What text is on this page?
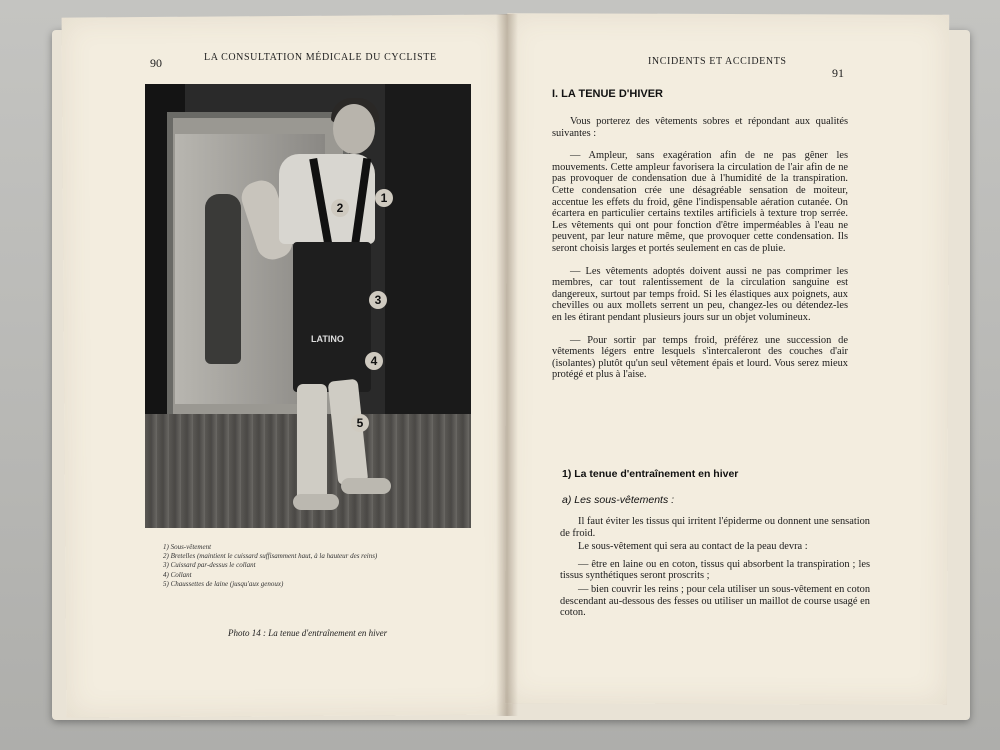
90	LA CONSULTATION MÉDICALE DU CYCLISTE
LATINO
1
2
3
4
5
1) Sous-vêtement
2) Bretelles (maintient le cuissard suffisamment haut, à la hauteur des reins)
3) Cuissard par-dessus le collant
4) Collant
5) Chaussettes de laine (jusqu'aux genoux)
Photo 14 : La tenue d'entraînement en hiver
INCIDENTS ET ACCIDENTS
91
I. LA TENUE D'HIVER

Vous porterez des vêtements sobres et répondant aux qualités suivantes :

— Ampleur, sans exagération afin de ne pas gêner les mouvements. Cette ampleur favorisera la circulation de l'air afin de ne pas provoquer de condensation due à l'humidité de la transpiration. Cette condensation crée une désagréable sensation de moiteur, accentue les effets du froid, gêne l'indispensable aération cutanée. On écartera en particulier certains textiles artificiels à texture trop serrée. Les vêtements qui ont pour fonction d'être imperméables à l'eau ne peuvent, par leur nature même, que provoquer cette condensation. Ils seront choisis larges et portés seulement en cas de pluie.

— Les vêtements adoptés doivent aussi ne pas comprimer les membres, car tout ralentissement de la circulation sanguine est dangereux, surtout par temps froid. Si les élastiques aux poignets, aux chevilles ou aux mollets serrent un peu, changez-les ou détendez-les en les étirant pendant plusieurs jours sur un objet volumineux.

— Pour sortir par temps froid, préférez une succession de vêtements légers entre lesquels s'intercaleront des couches d'air (isolantes) plutôt qu'un seul vêtement épais et lourd. Vous serez mieux protégé et plus à l'aise.

1) La tenue d'entraînement en hiver
a) Les sous-vêtements :

Il faut éviter les tissus qui irritent l'épiderme ou donnent une sensation de froid.

Le sous-vêtement qui sera au contact de la peau devra :

— être en laine ou en coton, tissus qui absorbent la transpiration ; les tissus synthétiques seront proscrits ;

— bien couvrir les reins ; pour cela utiliser un sous-vêtement en coton descendant au-dessous des fesses ou utiliser un maillot de course usagé en coton.
